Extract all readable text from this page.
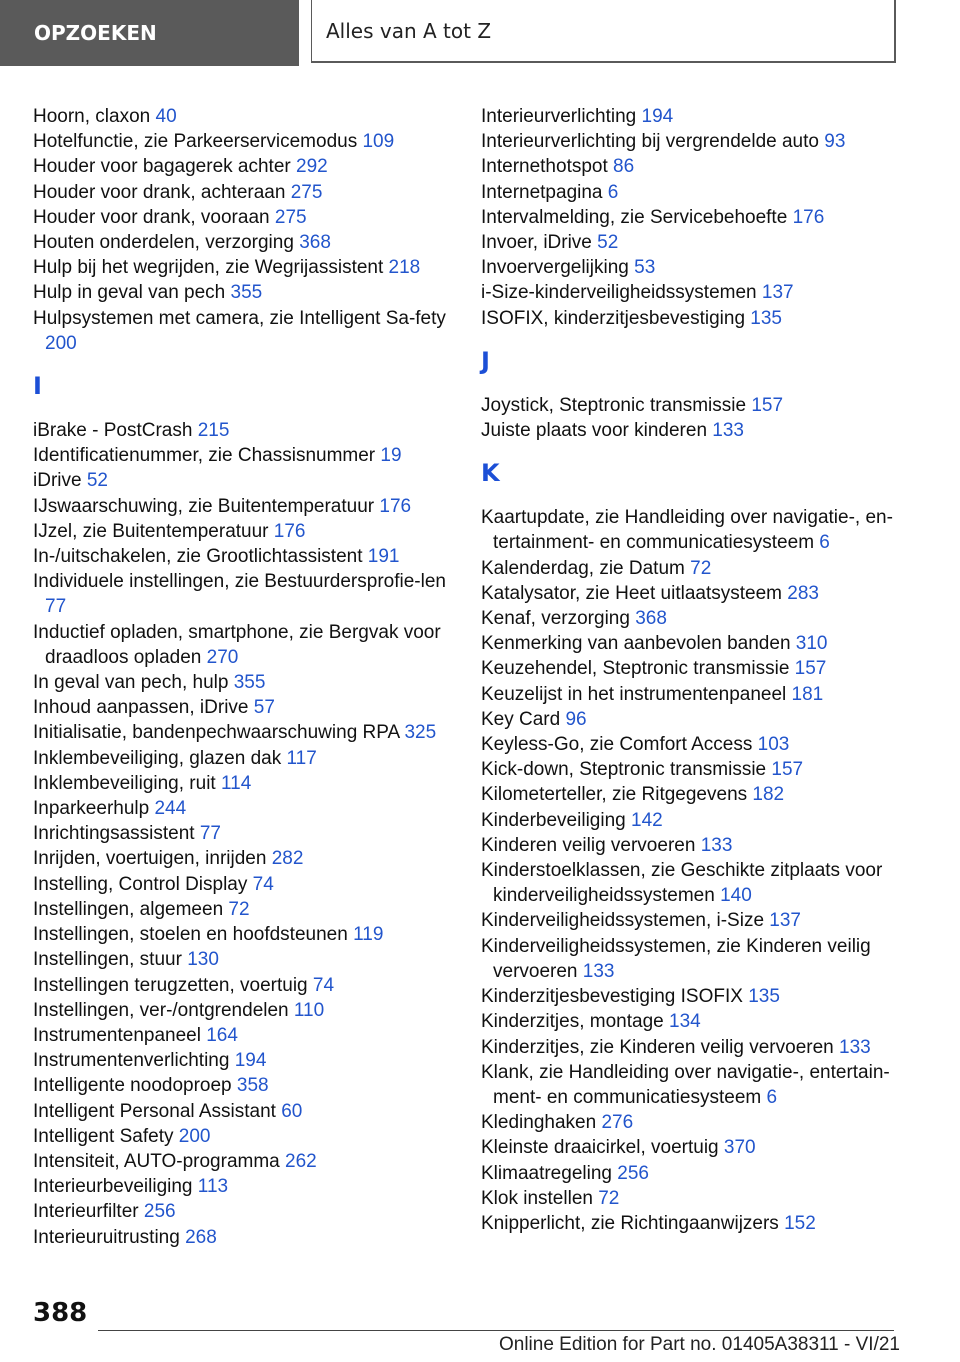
OPZOEKEN	Alles van A tot Z
Hoorn, claxon 40
Hotelfunctie, zie Parkeerservicemodus 109
Houder voor bagagerek achter 292
Houder voor drank, achteraan 275
Houder voor drank, vooraan 275
Houten onderdelen, verzorging 368
Hulp bij het wegrijden, zie Wegrijassistent 218
Hulp in geval van pech 355
Hulpsystemen met camera, zie Intelligent Sa-fety 200
I
iBrake - PostCrash 215
Identificatienummer, zie Chassisnummer 19
iDrive 52
IJswaarschuwing, zie Buitentemperatuur 176
IJzel, zie Buitentemperatuur 176
In-/uitschakelen, zie Grootlichtassistent 191
Individuele instellingen, zie Bestuurdersprofie-len 77
Inductief opladen, smartphone, zie Bergvak voor draadloos opladen 270
In geval van pech, hulp 355
Inhoud aanpassen, iDrive 57
Initialisatie, bandenpechwaarschuwing RPA 325
Inklembeveiliging, glazen dak 117
Inklembeveiliging, ruit 114
Inparkeerhulp 244
Inrichtingsassistent 77
Inrijden, voertuigen, inrijden 282
Instelling, Control Display 74
Instellingen, algemeen 72
Instellingen, stoelen en hoofdsteunen 119
Instellingen, stuur 130
Instellingen terugzetten, voertuig 74
Instellingen, ver-/ontgrendelen 110
Instrumentenpaneel 164
Instrumentenverlichting 194
Intelligente noodoproep 358
Intelligent Personal Assistant 60
Intelligent Safety 200
Intensiteit, AUTO-programma 262
Interieurbeveiliging 113
Interieurfilter 256
Interieuruitrusting 268
Interieurverlichting 194
Interieurverlichting bij vergrendelde auto 93
Internethotspot 86
Internetpagina 6
Intervalmelding, zie Servicebehoefte 176
Invoer, iDrive 52
Invoervergelijking 53
i-Size-kinderveiligheidssystemen 137
ISOFIX, kinderzitjesbevestiging 135
J
Joystick, Steptronic transmissie 157
Juiste plaats voor kinderen 133
K
Kaartupdate, zie Handleiding over navigatie-, en-tertainment- en communicatiesysteem 6
Kalenderdag, zie Datum 72
Katalysator, zie Heet uitlaatsysteem 283
Kenaf, verzorging 368
Kenmerking van aanbevolen banden 310
Keuzehendel, Steptronic transmissie 157
Keuzelijst in het instrumentenpaneel 181
Key Card 96
Keyless-Go, zie Comfort Access 103
Kick-down, Steptronic transmissie 157
Kilometerteller, zie Ritgegevens 182
Kinderbeveiliging 142
Kinderen veilig vervoeren 133
Kinderstoelklassen, zie Geschikte zitplaats voor kinderveiligheidssystemen 140
Kinderveiligheidssystemen, i-Size 137
Kinderveiligheidssystemen, zie Kinderen veilig vervoeren 133
Kinderzitjesbevestiging ISOFIX 135
Kinderzitjes, montage 134
Kinderzitjes, zie Kinderen veilig vervoeren 133
Klank, zie Handleiding over navigatie-, entertain-ment- en communicatiesysteem 6
Kledinghaken 276
Kleinste draaicirkel, voertuig 370
Klimaatregeling 256
Klok instellen 72
Knipperlicht, zie Richtingaanwijzers 152
388
Online Edition for Part no. 01405A38311 - VI/21
